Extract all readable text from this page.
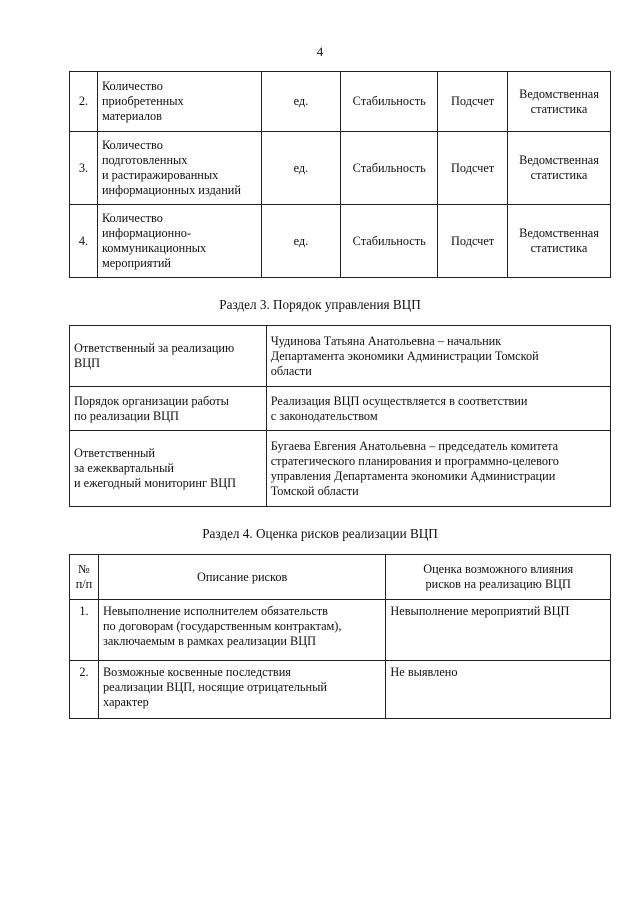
4
2.	Количество
приобретенных
материалов	ед.	Стабильность	Подсчет	Ведомственная
статистика
3.	Количество
подготовленных
и растиражированных
информационных изданий	ед.	Стабильность	Подсчет	Ведомственная
статистика
4.	Количество
информационно-
коммуникационных
мероприятий	ед.	Стабильность	Подсчет	Ведомственная
статистика
Раздел 3. Порядок управления ВЦП
Ответственный за реализацию
ВЦП	Чудинова Татьяна Анатольевна – начальник
Департамента экономики Администрации Томской
области
Порядок организации работы
по реализации ВЦП	Реализация ВЦП осуществляется в соответствии
с законодательством
Ответственный
за ежеквартальный
и ежегодный мониторинг ВЦП	Бугаева Евгения Анатольевна – председатель комитета
стратегического планирования и программно-целевого
управления Департамента экономики Администрации
Томской области
Раздел 4. Оценка рисков реализации ВЦП
№
п/п	Описание рисков	Оценка возможного влияния
рисков на реализацию ВЦП
1.	Невыполнение исполнителем обязательств
по договорам (государственным контрактам),
заключаемым в рамках реализации ВЦП	Невыполнение мероприятий ВЦП
2.	Возможные косвенные последствия
реализации ВЦП, носящие отрицательный
характер	Не выявлено
